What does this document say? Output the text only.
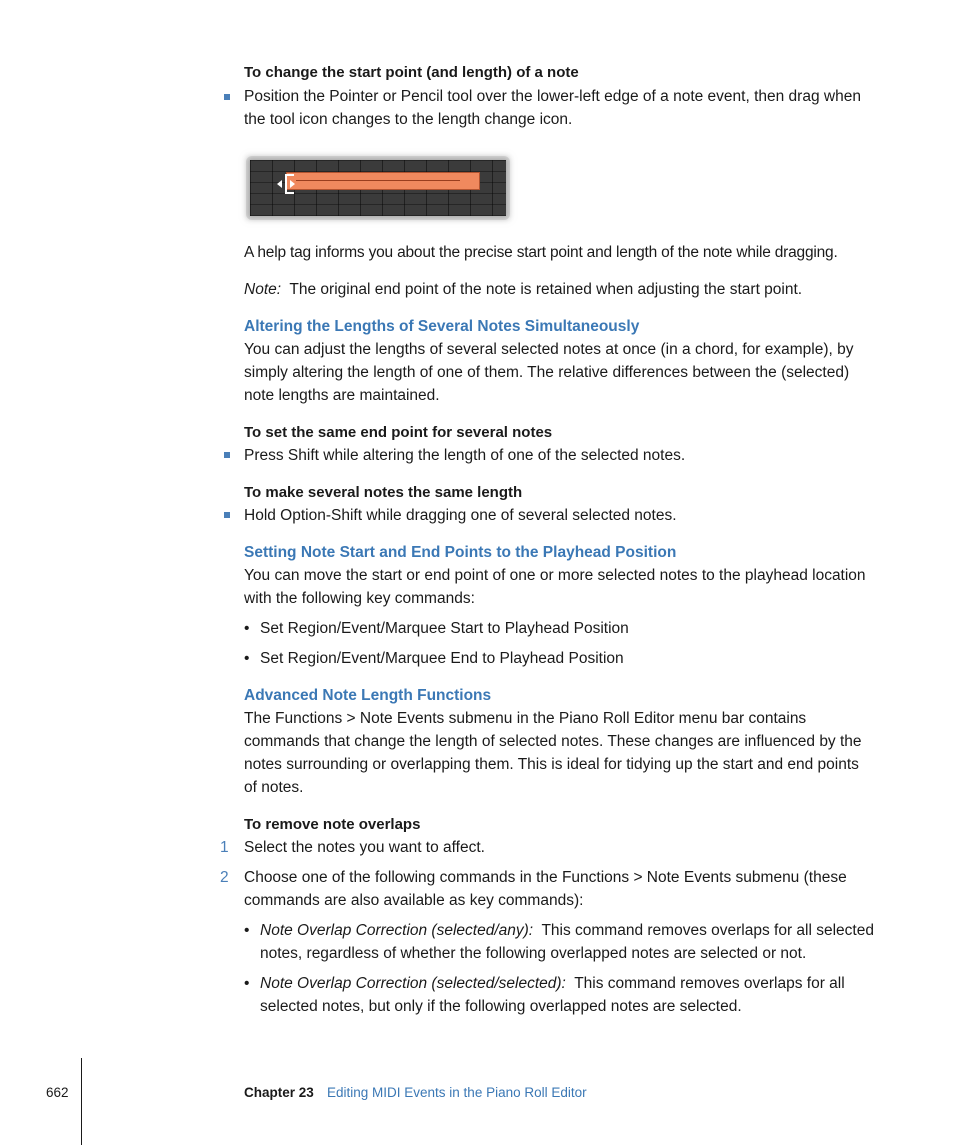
To change the start point (and length) of a note
Position the Pointer or Pencil tool over the lower-left edge of a note event, then drag when the tool icon changes to the length change icon.
A help tag informs you about the precise start point and length of the note while dragging.
Note: The original end point of the note is retained when adjusting the start point.
Altering the Lengths of Several Notes Simultaneously
You can adjust the lengths of several selected notes at once (in a chord, for example), by simply altering the length of one of them. The relative differences between the (selected) note lengths are maintained.
To set the same end point for several notes
Press Shift while altering the length of one of the selected notes.
To make several notes the same length
Hold Option-Shift while dragging one of several selected notes.
Setting Note Start and End Points to the Playhead Position
You can move the start or end point of one or more selected notes to the playhead location with the following key commands:
• Set Region/Event/Marquee Start to Playhead Position
• Set Region/Event/Marquee End to Playhead Position
Advanced Note Length Functions
The Functions > Note Events submenu in the Piano Roll Editor menu bar contains commands that change the length of selected notes. These changes are influenced by the notes surrounding or overlapping them. This is ideal for tidying up the start and end points of notes.
To remove note overlaps
1 Select the notes you want to affect.
2 Choose one of the following commands in the Functions > Note Events submenu (these commands are also available as key commands):
• Note Overlap Correction (selected/any): This command removes overlaps for all selected notes, regardless of whether the following overlapped notes are selected or not.
• Note Overlap Correction (selected/selected): This command removes overlaps for all selected notes, but only if the following overlapped notes are selected.
662	Chapter 23 Editing MIDI Events in the Piano Roll Editor
